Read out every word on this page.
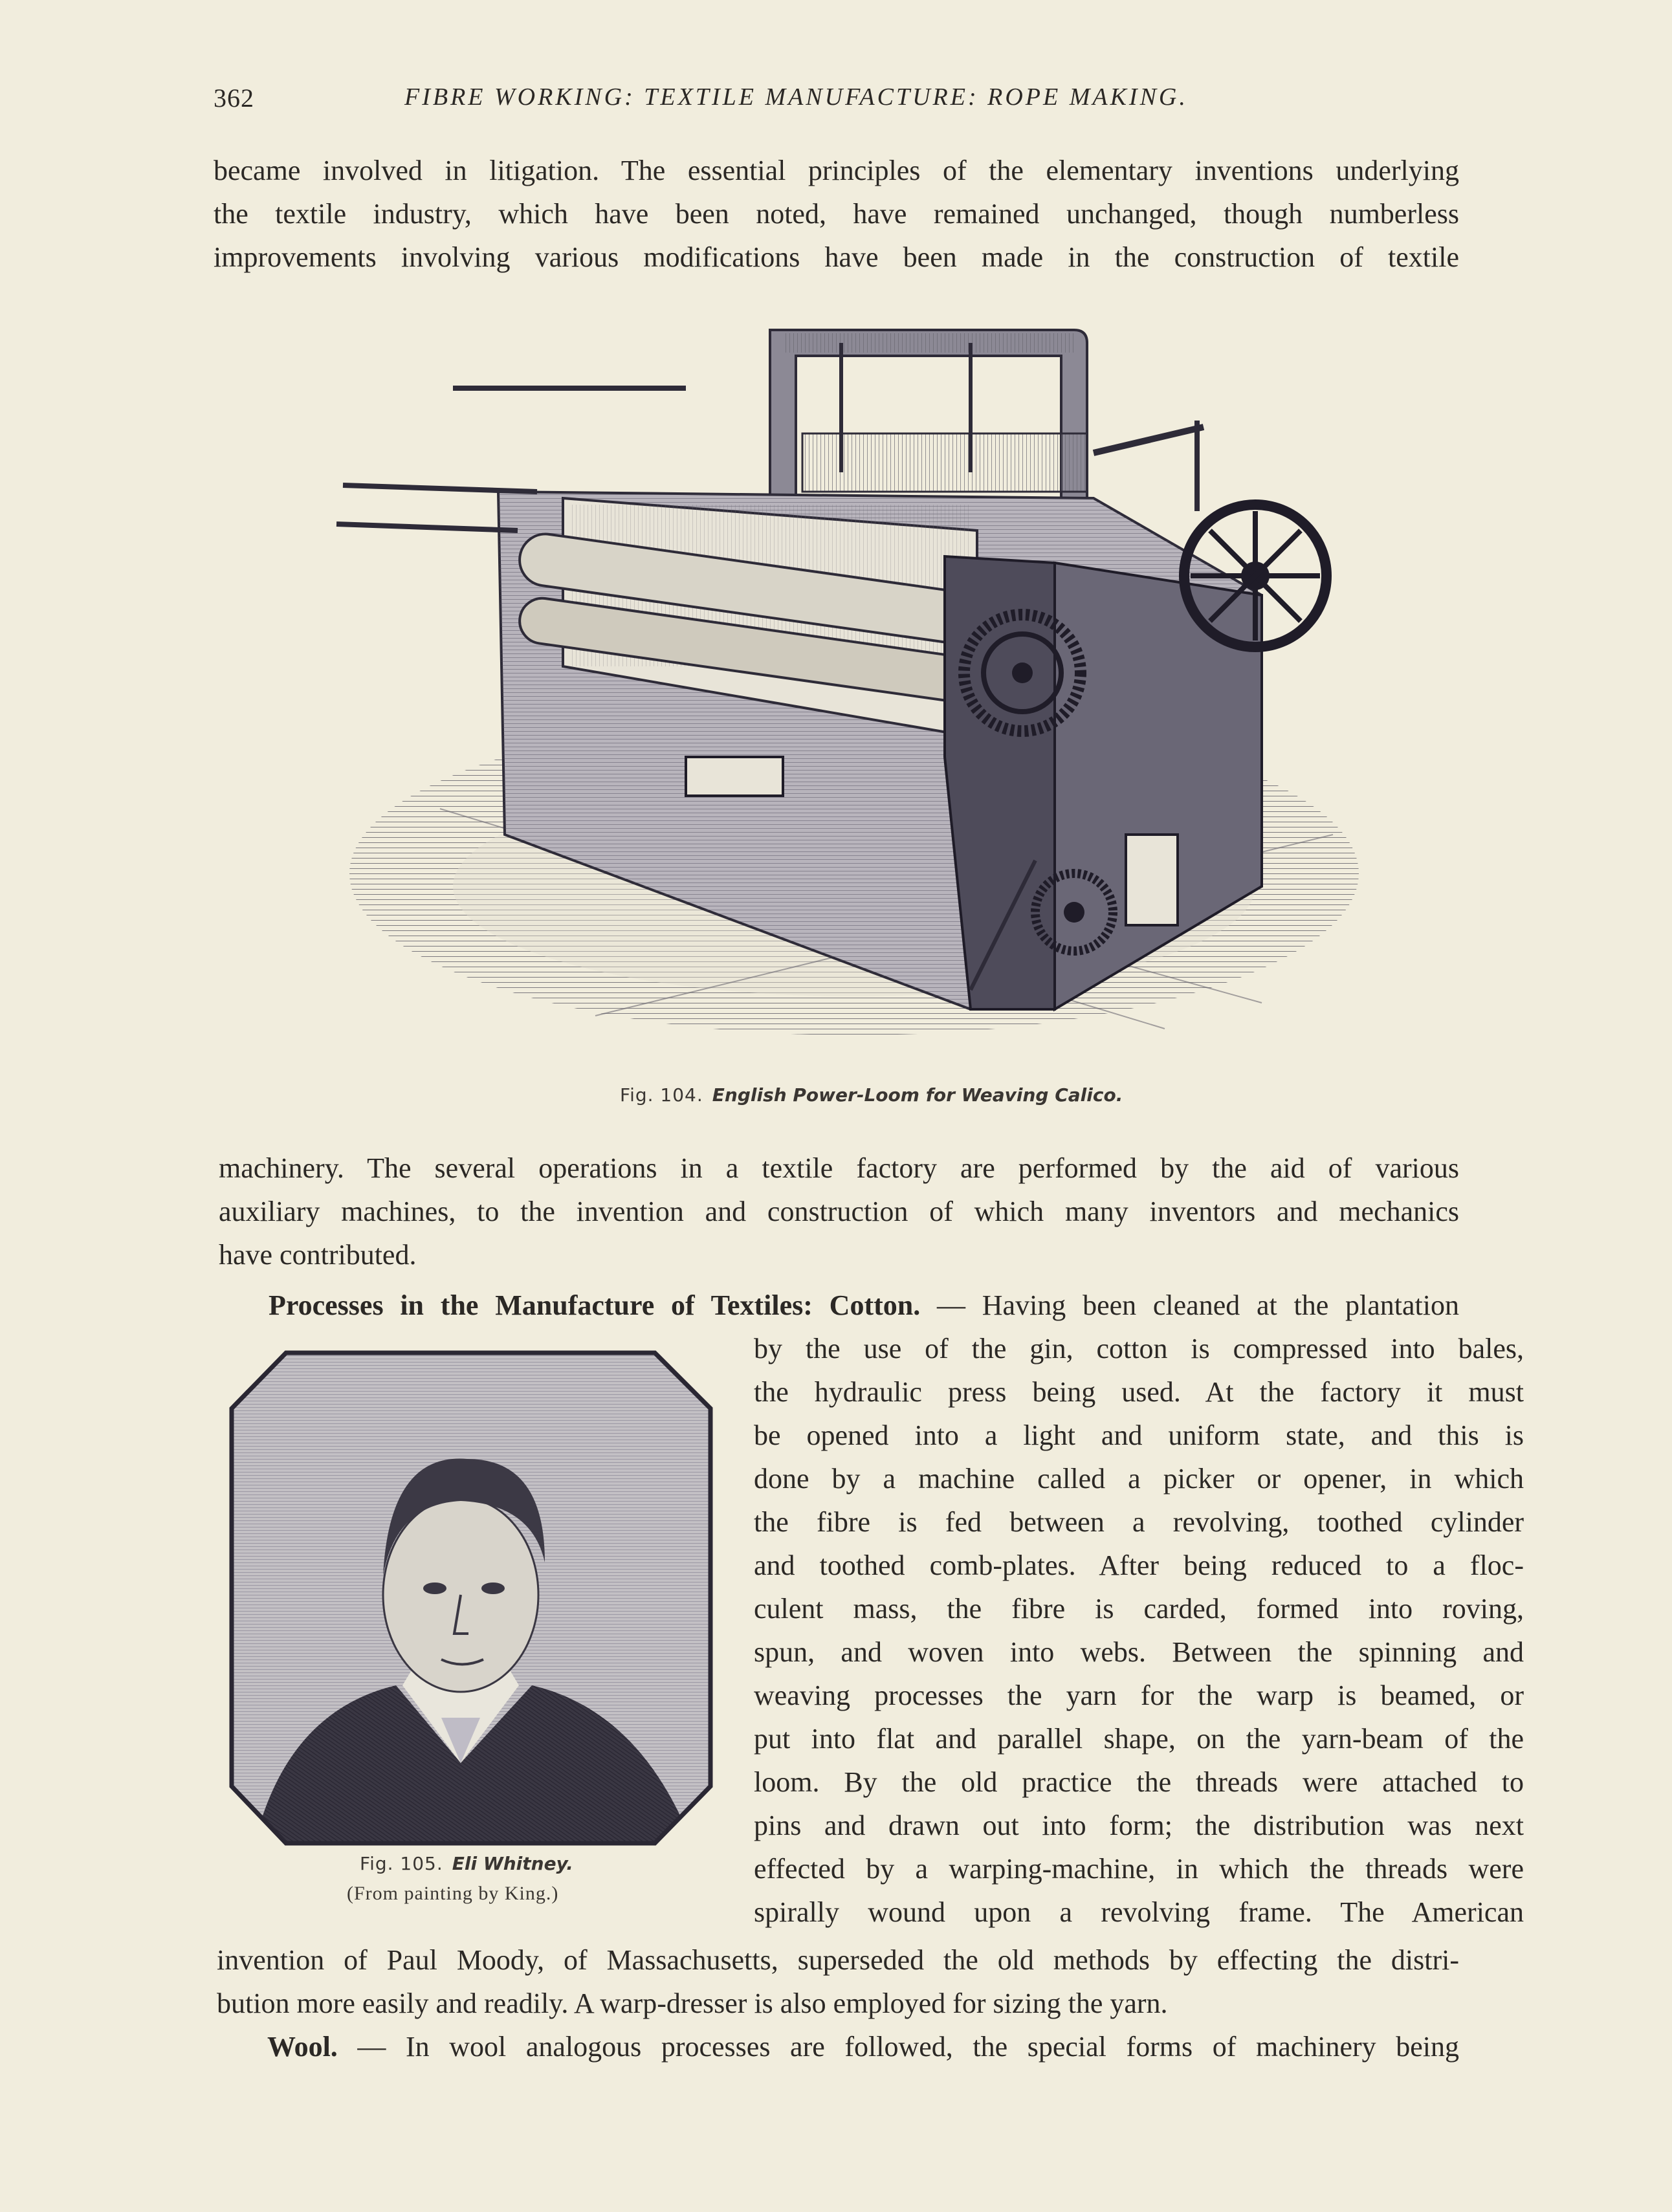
362	FIBRE WORKING: TEXTILE MANUFACTURE: ROPE MAKING.
became involved in litigation. The essential principles of the elementary inventions underlying
the textile industry, which have been noted, have remained unchanged, though numberless
improvements involving various modifications have been made in the construction of textile
Fig. 104. English Power-Loom for Weaving Calico.
machinery. The several operations in a textile factory are performed by the aid of various
auxiliary machines, to the invention and construction of which many inventors and mechanics
have contributed.
Processes in the Manufacture of Textiles: Cotton. — Having been cleaned at the plantation
Fig. 105. Eli Whitney.
(From painting by King.)
by the use of the gin, cotton is compressed into bales,
the hydraulic press being used. At the factory it must
be opened into a light and uniform state, and this is
done by a machine called a picker or opener, in which
the fibre is fed between a revolving, toothed cylinder
and toothed comb-plates. After being reduced to a floc-
culent mass, the fibre is carded, formed into roving,
spun, and woven into webs. Between the spinning and
weaving processes the yarn for the warp is beamed, or
put into flat and parallel shape, on the yarn-beam of the
loom. By the old practice the threads were attached to
pins and drawn out into form; the distribution was next
effected by a warping-machine, in which the threads were
spirally wound upon a revolving frame. The American
invention of Paul Moody, of Massachusetts, superseded the old methods by effecting the distri-
bution more easily and readily. A warp-dresser is also employed for sizing the yarn.
Wool. — In wool analogous processes are followed, the special forms of machinery being
